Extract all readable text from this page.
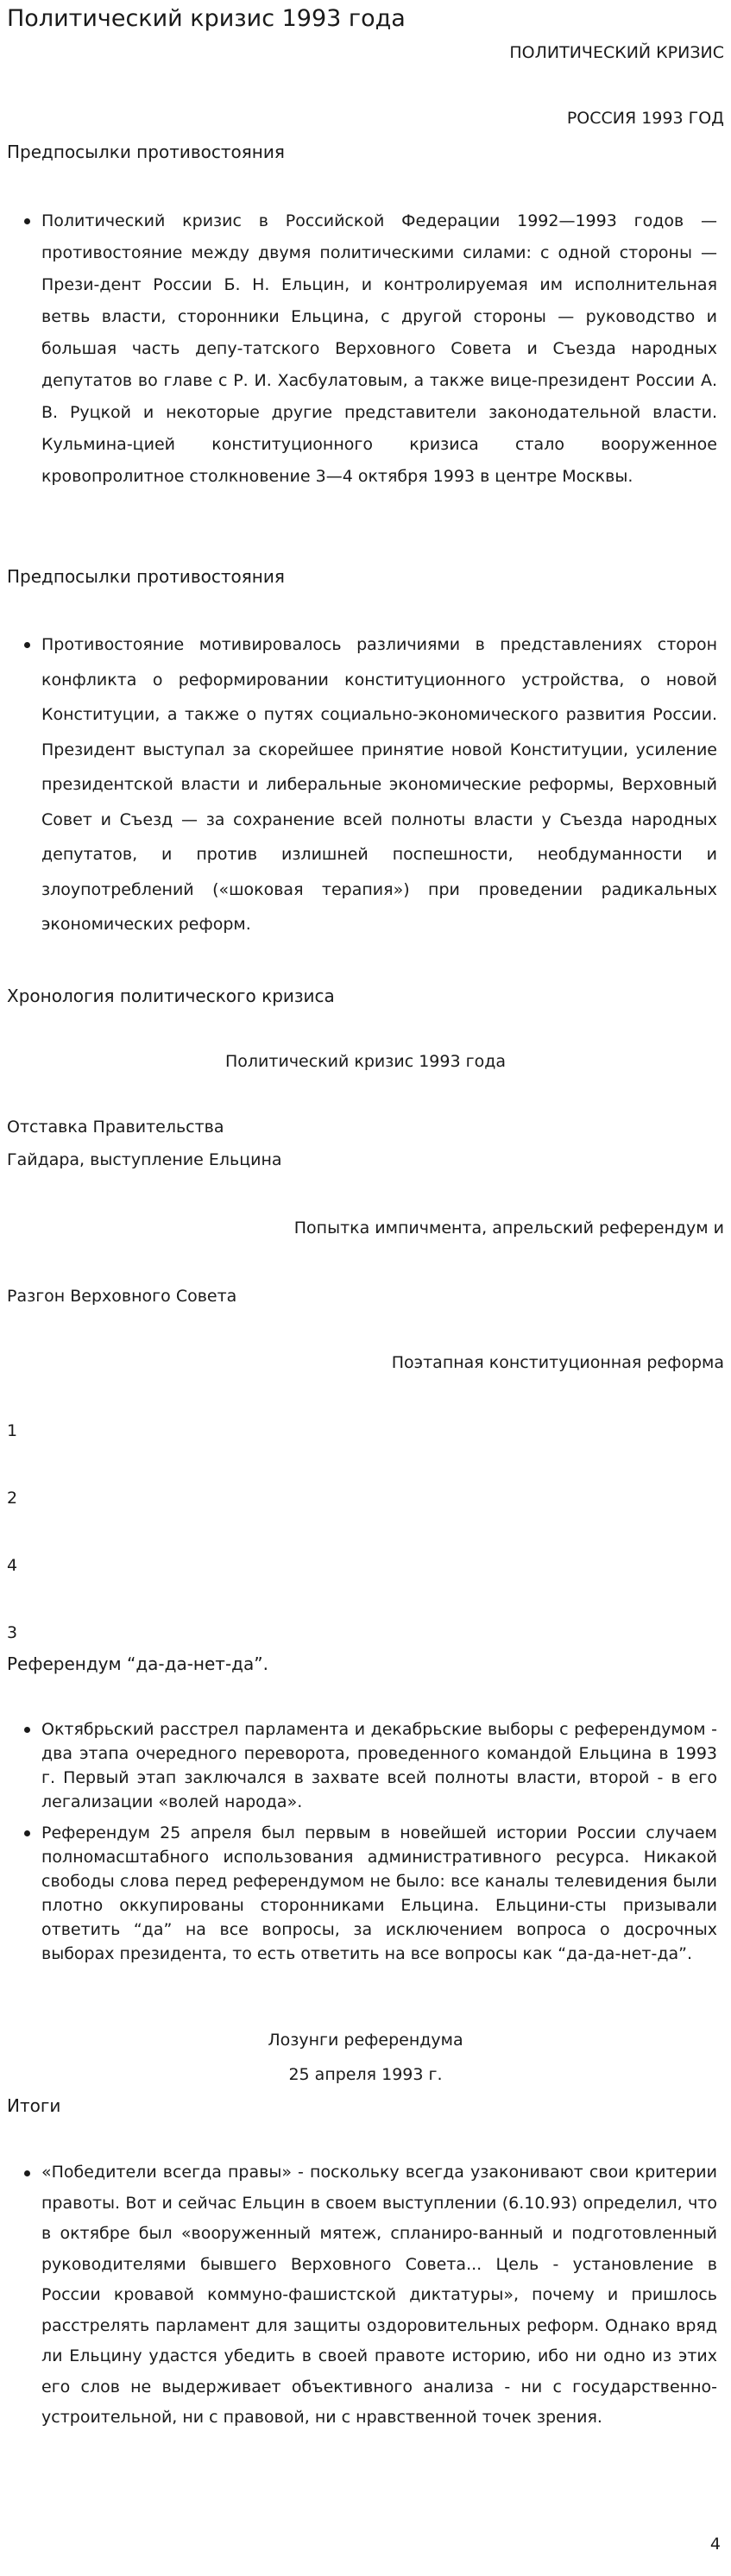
Политический кризис 1993 года
ПОЛИТИЧЕСКИЙ КРИЗИС
РОССИЯ 1993 ГОД
Предпосылки противостояния
Политический кризис в Российской Федерации 1992—1993 годов — противостояние между двумя политическими силами: с одной стороны — Прези-дент России Б. Н. Ельцин, и контролируемая им исполнительная ветвь власти, сторонники Ельцина, с другой стороны — руководство и большая часть депу-татского Верховного Совета и Съезда народных депутатов во главе с Р. И. Хасбулатовым, а также вице-президент России А. В. Руцкой и некоторые другие представители законодательной власти. Кульмина-цией конституционного кризиса стало вооруженное кровопролитное столкновение 3—4 октября 1993 в центре Москвы.
Предпосылки противостояния
Противостояние мотивировалось различиями в представлениях сторон конфликта о реформировании конституционного устройства, о новой Конституции, а также о путях социально-экономического развития России. Президент выступал за скорейшее принятие новой Конституции, усиление президентской власти и либеральные экономические реформы, Верховный Совет и Съезд — за сохранение всей полноты власти у Съезда народных депутатов, и против излишней поспешности, необдуманности и злоупотреблений («шоковая терапия») при проведении радикальных экономических реформ.
Хронология политического кризиса
Политический кризис 1993 года
Отставка Правительства
Гайдара, выступление Ельцина
Попытка импичмента, апрельский референдум и
Разгон Верховного Совета
Поэтапная конституционная реформа
1
2
4
3
Референдум “да-да-нет-да”.
Октябрьский расстрел парламента и декабрьские выборы с референдумом - два этапа очередного переворота, проведенного командой Ельцина в 1993 г. Первый этап заключался в захвате всей полноты власти, второй - в его легализации «волей народа».
Референдум 25 апреля был первым в новейшей истории России случаем полномасштабного использования административного ресурса. Никакой свободы слова перед референдумом не было: все каналы телевидения были плотно оккупированы сторонниками Ельцина. Ельцини-сты призывали ответить “да” на все вопросы, за исключением вопроса о досрочных выборах президента, то есть ответить на все вопросы как “да-да-нет-да”.
Лозунги референдума
25 апреля 1993 г.
Итоги
«Победители всегда правы» - поскольку всегда узаконивают свои критерии правоты. Вот и сейчас Ельцин в своем выступлении (6.10.93) определил, что в октябре был «вооруженный мятеж, спланиро-ванный и подготовленный руководителями бывшего Верховного Совета... Цель - установление в России кровавой коммуно-фашистской диктатуры», почему и пришлось расстрелять парламент для защиты оздоровительных реформ. Однако вряд ли Ельцину удастся убедить в своей правоте историю, ибо ни одно из этих его слов не выдерживает объективного анализа - ни с государственно-устроительной, ни с правовой, ни с нравственной точек зрения.
4
